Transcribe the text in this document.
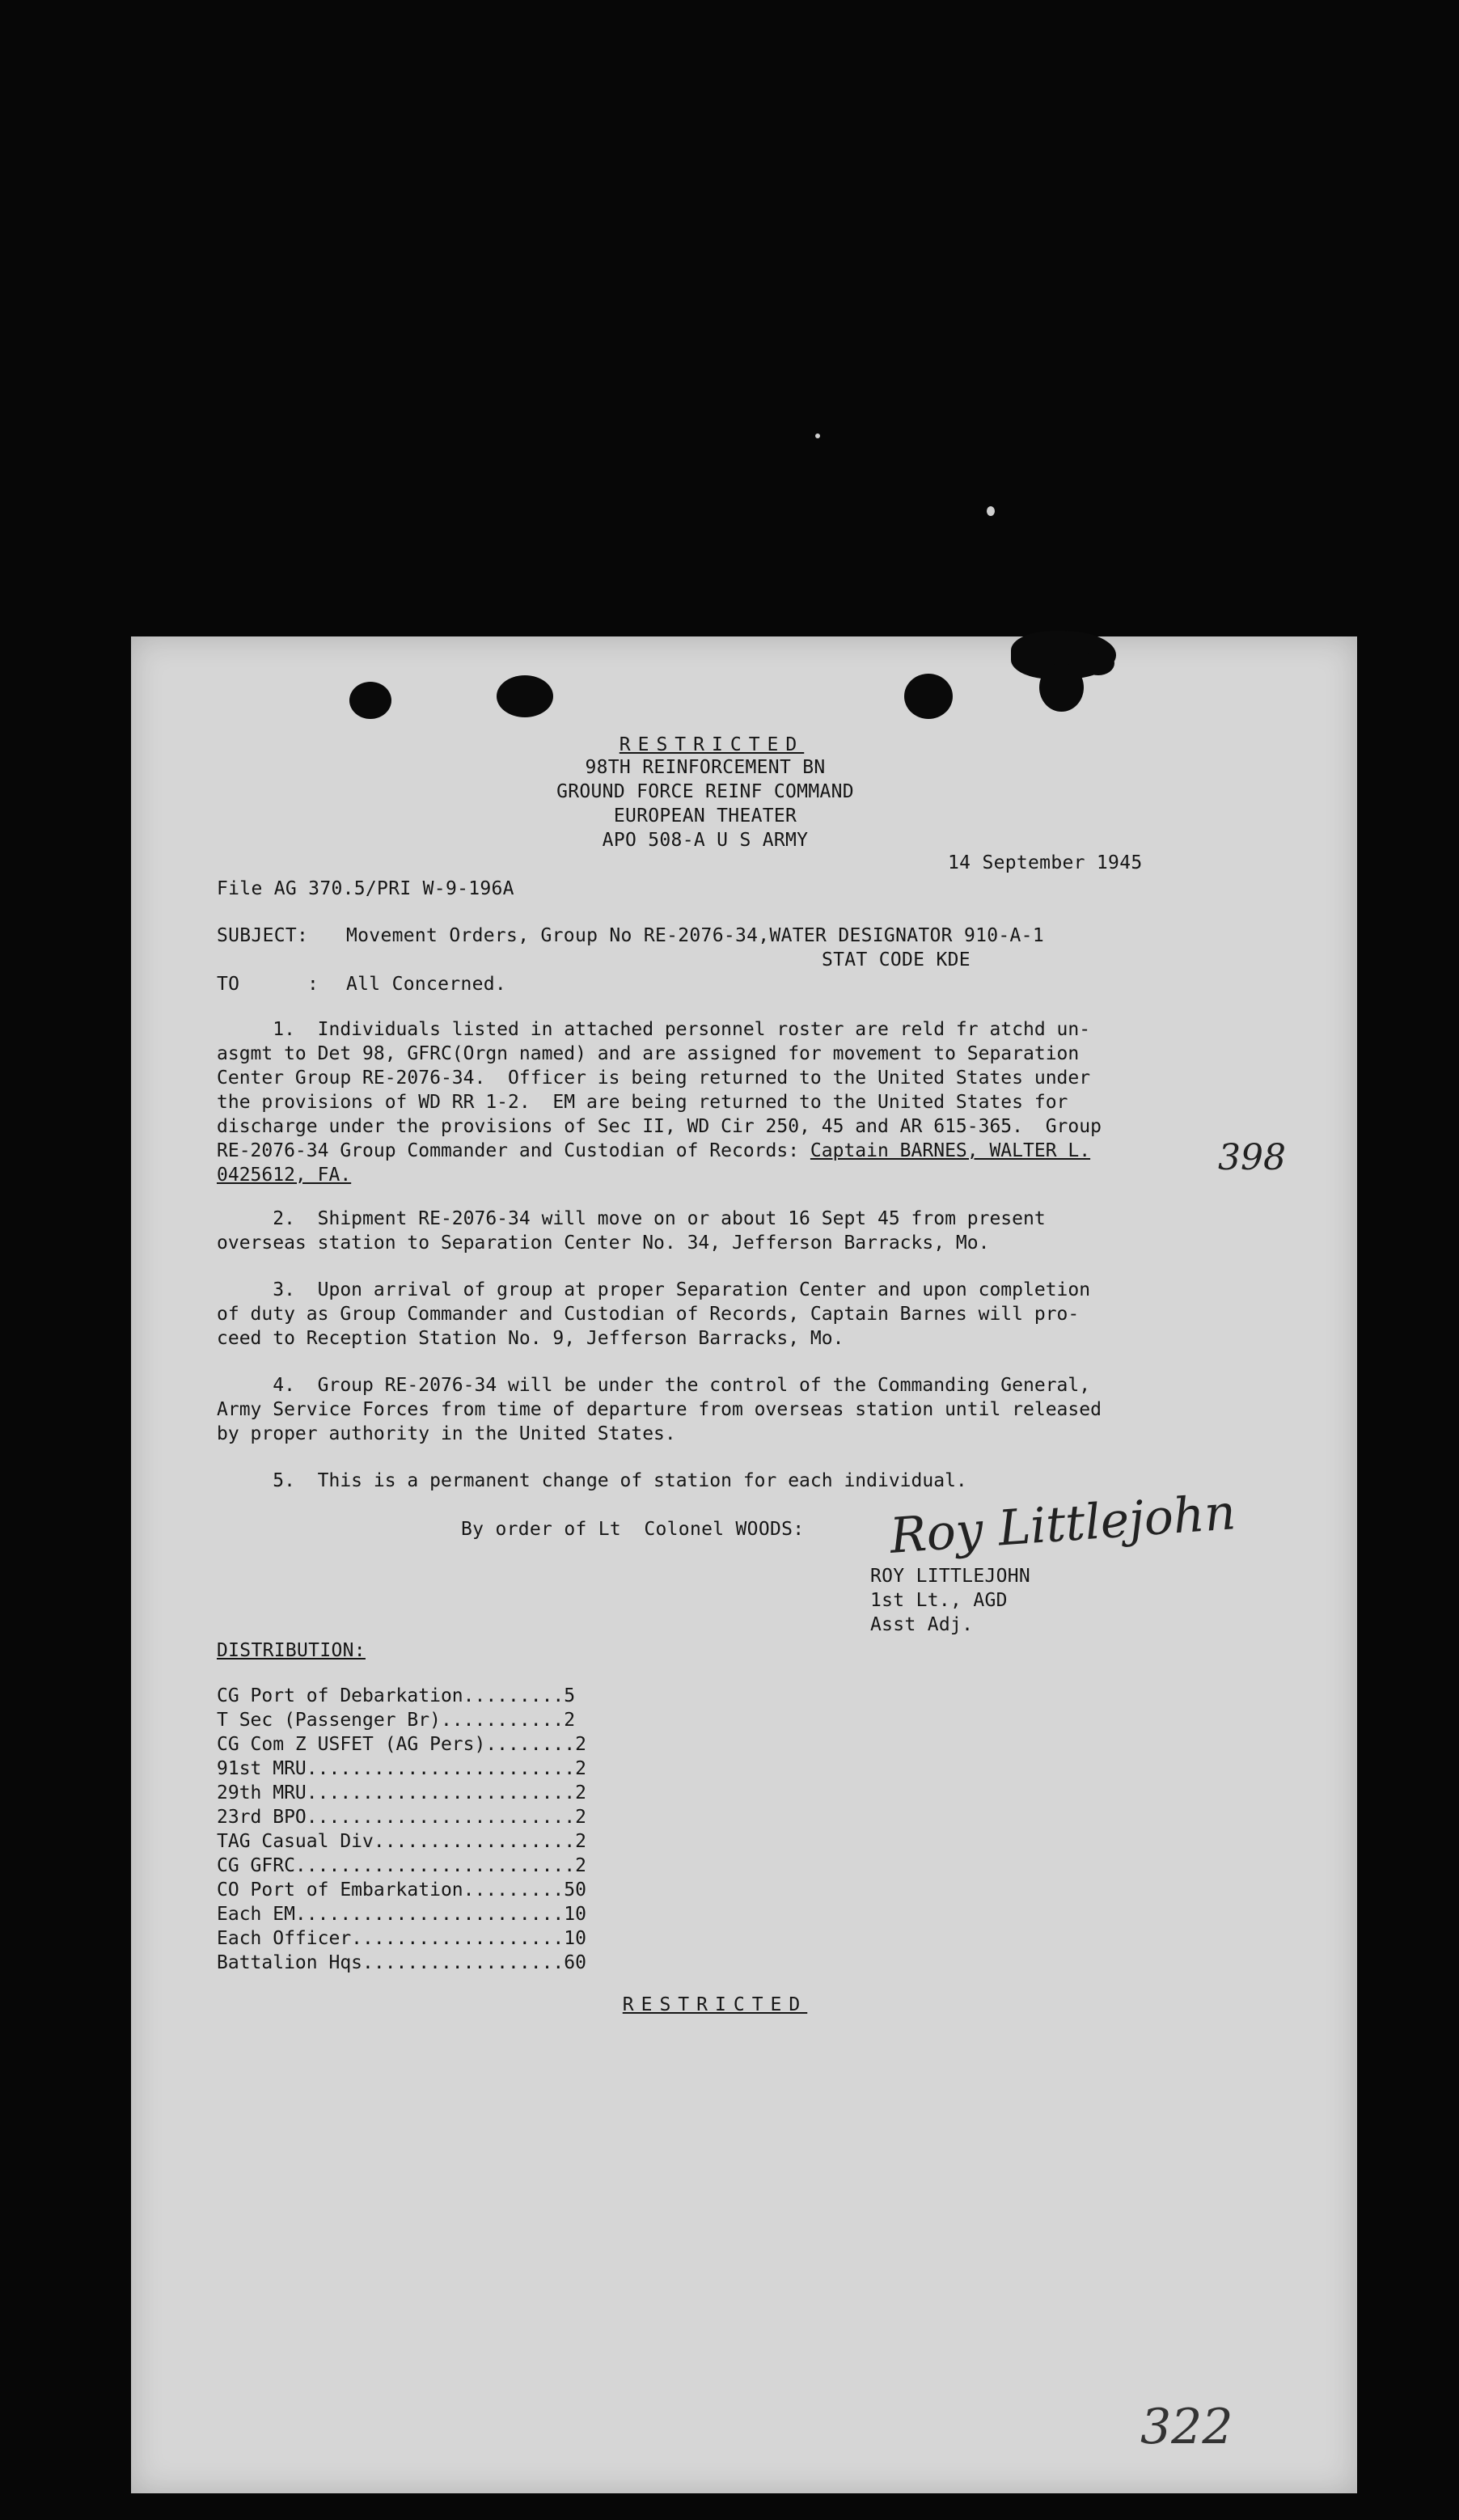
RESTRICTED
98TH REINFORCEMENT BN
GROUND FORCE REINF COMMAND
EUROPEAN THEATER
APO 508-A U S ARMY
14 September 1945
File AG 370.5/PRI W-9-196A
SUBJECT: Movement Orders, Group No RE-2076-34,WATER DESIGNATOR 910-A-1
STAT CODE KDE
TO	: All Concerned.
1.  Individuals listed in attached personnel roster are reld fr atchd un-
asgmt to Det 98, GFRC(Orgn named) and are assigned for movement to Separation
Center Group RE-2076-34.  Officer is being returned to the United States under
the provisions of WD RR 1-2.  EM are being returned to the United States for
discharge under the provisions of Sec II, WD Cir 250, 45 and AR 615-365.  Group
RE-2076-34 Group Commander and Custodian of Records: Captain BARNES, WALTER L.
0425612, FA.	398
2.  Shipment RE-2076-34 will move on or about 16 Sept 45 from present
overseas station to Separation Center No. 34, Jefferson Barracks, Mo.
3.  Upon arrival of group at proper Separation Center and upon completion
of duty as Group Commander and Custodian of Records, Captain Barnes will pro-
ceed to Reception Station No. 9, Jefferson Barracks, Mo.
4.  Group RE-2076-34 will be under the control of the Commanding General,
Army Service Forces from time of departure from overseas station until released
by proper authority in the United States.
5.  This is a permanent change of station for each individual.
By order of Lt  Colonel WOODS: Roy Littlejohn
ROY LITTLEJOHN
1st Lt., AGD
Asst Adj.
DISTRIBUTION:
CG Port of Debarkation.........5
T Sec (Passenger Br)...........2
CG Com Z USFET (AG Pers)........2
91st MRU........................2
29th MRU........................2
23rd BPO........................2
TAG Casual Div..................2
CG GFRC.........................2
CO Port of Embarkation.........50
Each EM........................10
Each Officer...................10
Battalion Hqs..................60
RESTRICTED
322
